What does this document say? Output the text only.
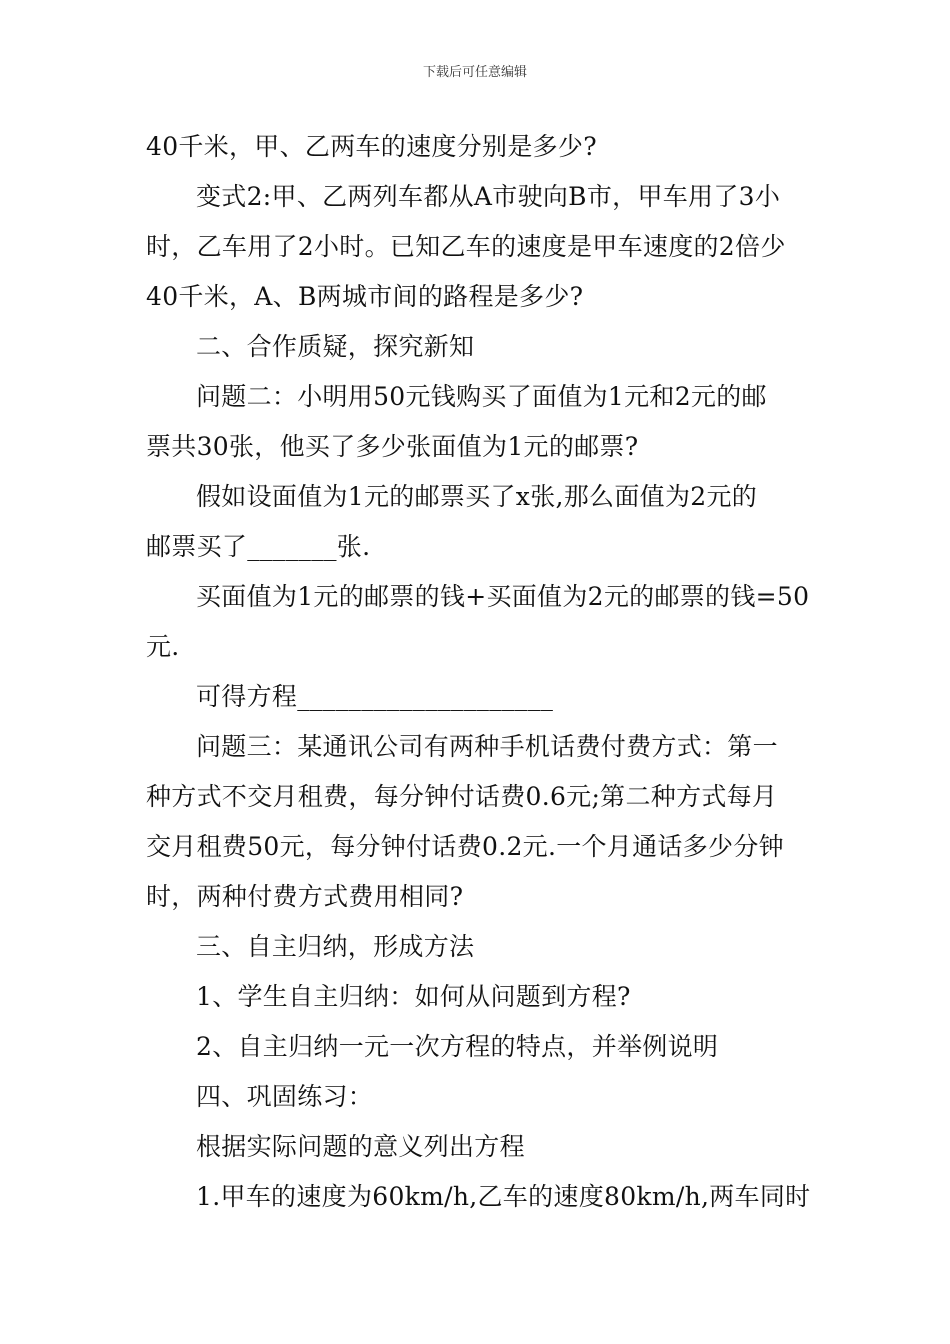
下载后可任意编辑
40千米，甲、乙两车的速度分别是多少?
变式2:甲、乙两列车都从A市驶向B市，甲车用了3小
时，乙车用了2小时。已知乙车的速度是甲车速度的2倍少
40千米，A、B两城市间的路程是多少?
二、合作质疑，探究新知
问题二：小明用50元钱购买了面值为1元和2元的邮
票共30张，他买了多少张面值为1元的邮票?
假如设面值为1元的邮票买了x张,那么面值为2元的
邮票买了_______张.
买面值为1元的邮票的钱+买面值为2元的邮票的钱=50
元.
可得方程____________________
问题三：某通讯公司有两种手机话费付费方式：第一
种方式不交月租费，每分钟付话费0.6元;第二种方式每月
交月租费50元，每分钟付话费0.2元.一个月通话多少分钟
时，两种付费方式费用相同?
三、自主归纳，形成方法
1、学生自主归纳：如何从问题到方程?
2、自主归纳一元一次方程的特点，并举例说明
四、巩固练习：
根据实际问题的意义列出方程
1.甲车的速度为60km/h,乙车的速度80km/h,两车同时
